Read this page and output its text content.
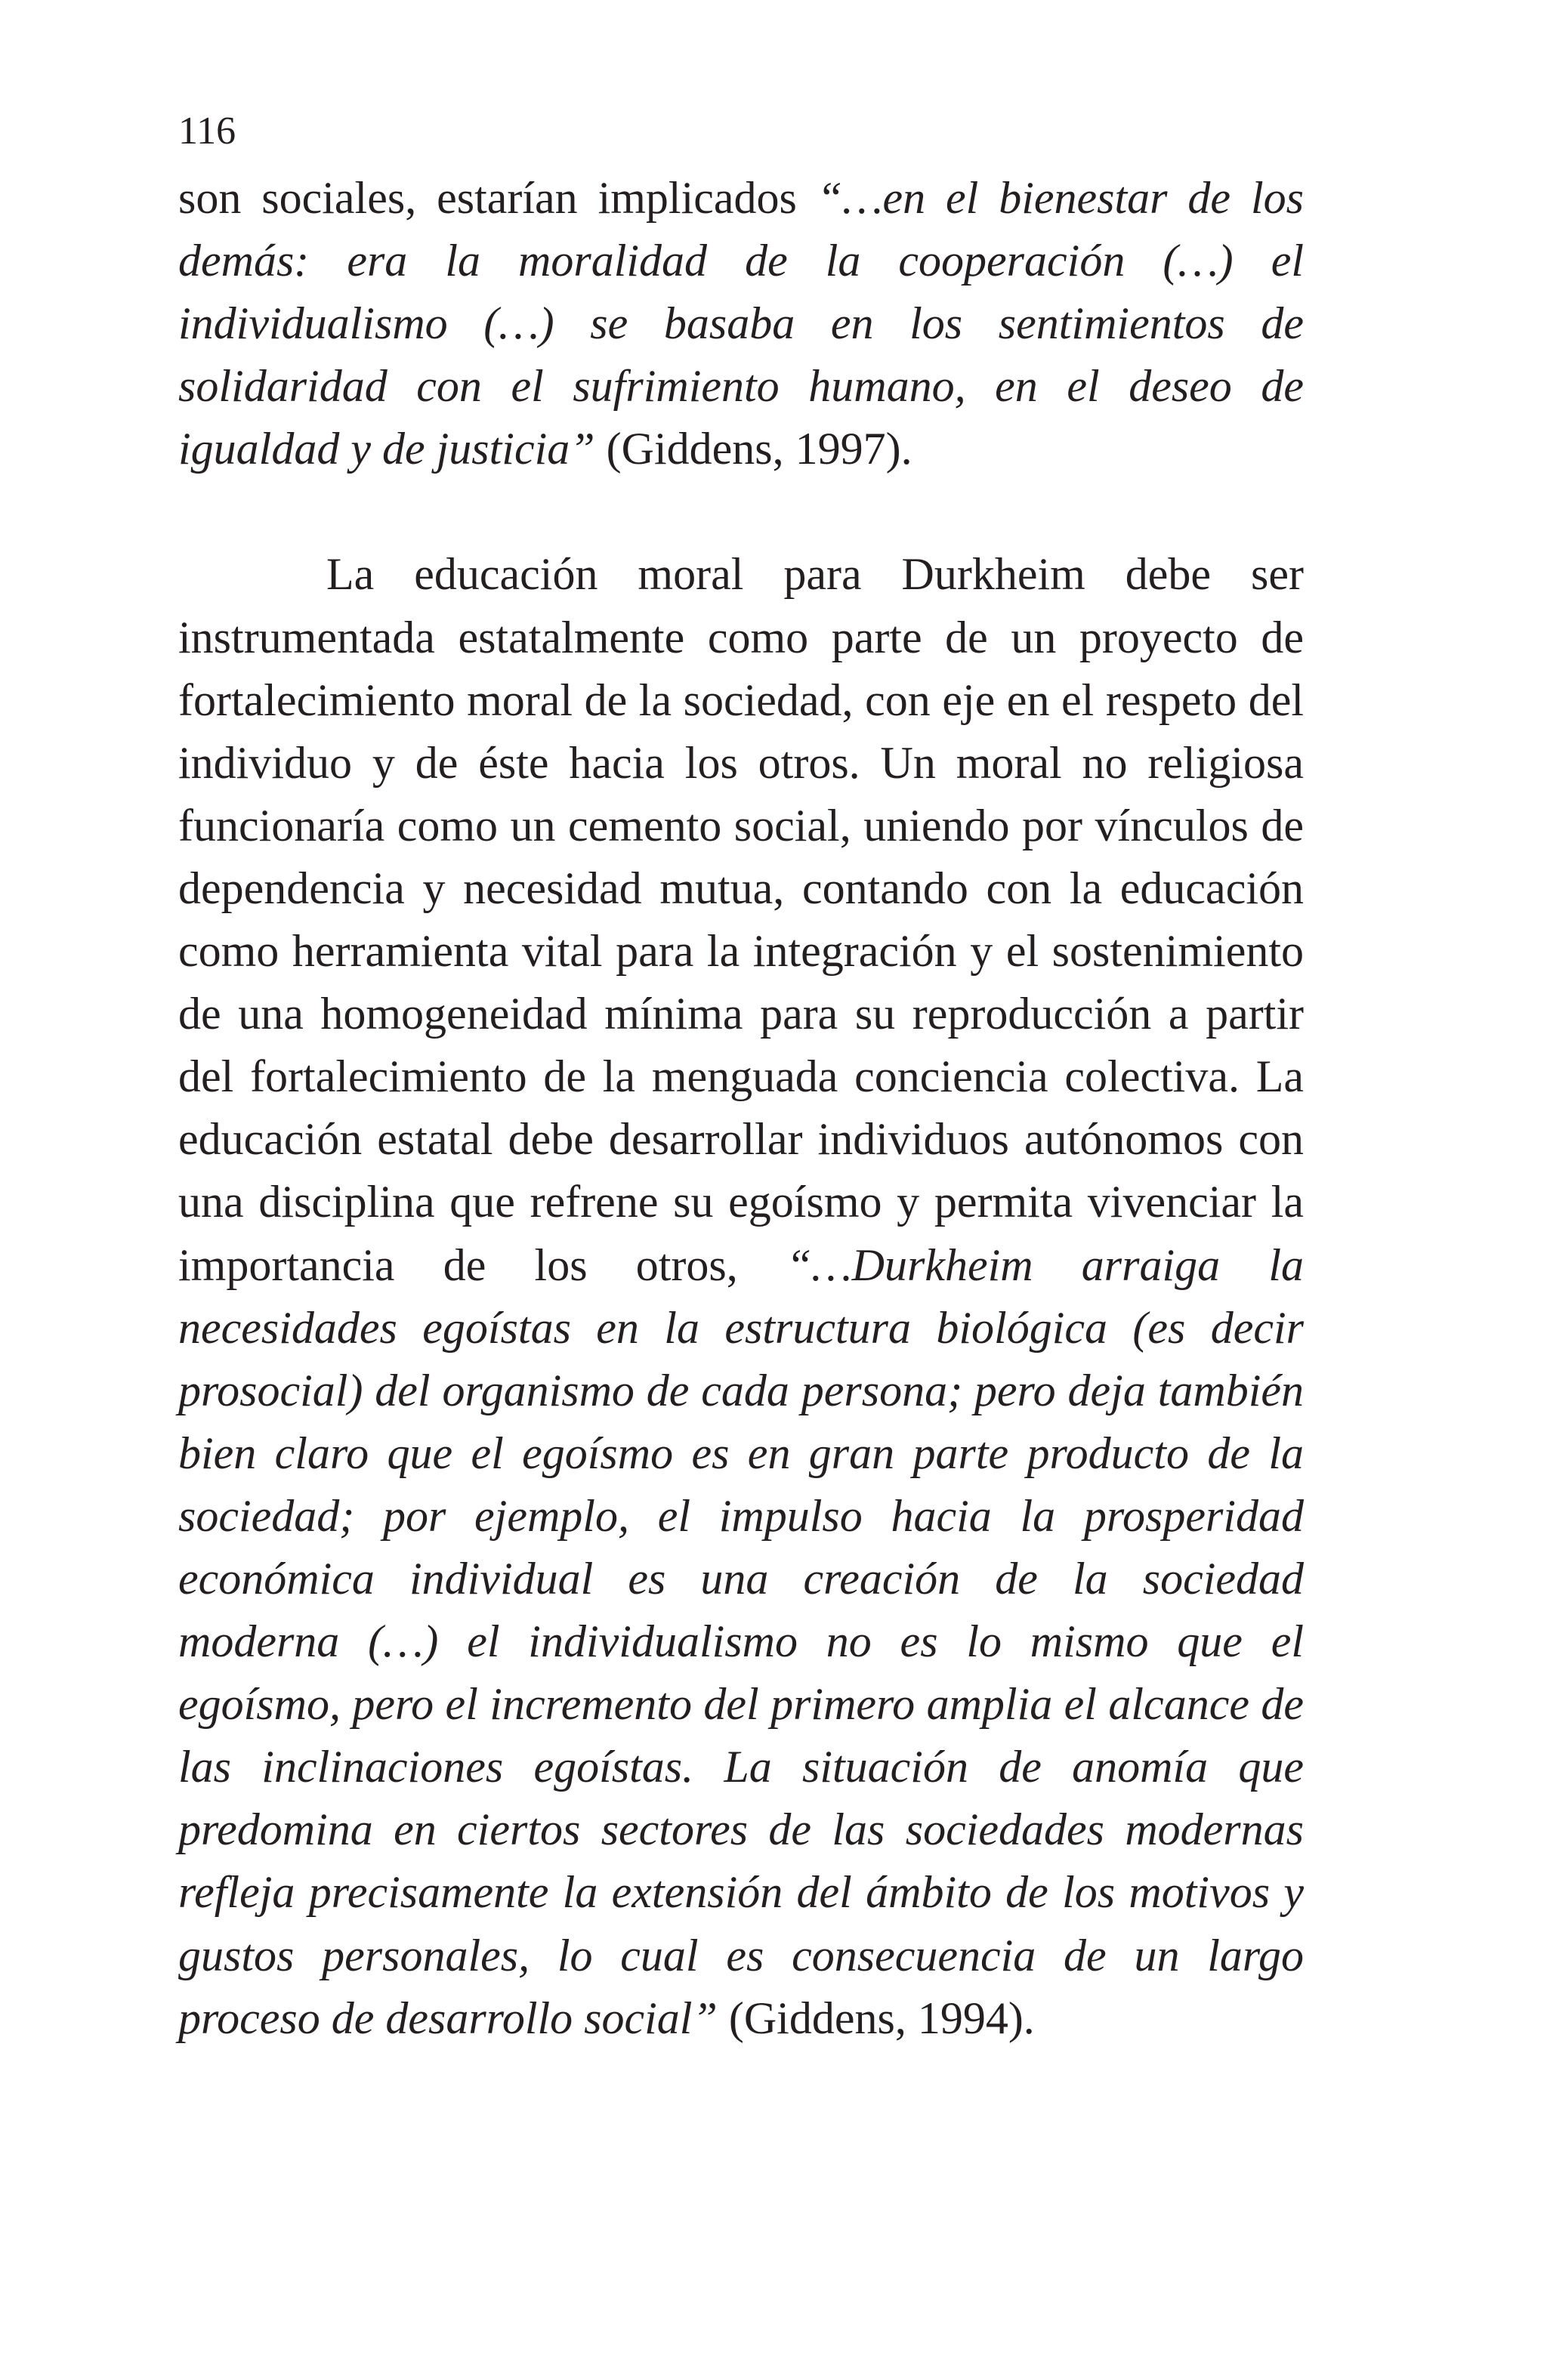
116

son sociales, estarían implicados “…en el bienestar de los demás: era la moralidad de la cooperación (…) el individualismo (…) se basaba en los sentimientos de solidaridad con el sufrimiento humano, en el deseo de igualdad y de justicia” (Giddens, 1997).

La educación moral para Durkheim debe ser instrumentada estatalmente como parte de un proyecto de fortalecimiento moral de la sociedad, con eje en el respeto del individuo y de éste hacia los otros. Un moral no religiosa funcionaría como un cemento social, uniendo por vínculos de dependencia y necesidad mutua, contando con la educación como herramienta vital para la integración y el sostenimiento de una homogeneidad mínima para su reproducción a partir del fortalecimiento de la menguada conciencia colectiva. La educación estatal debe desarrollar individuos autónomos con una disciplina que refrene su egoísmo y permita vivenciar la importancia de los otros, “…Durkheim arraiga la necesidades egoístas en la estructura biológica (es decir prosocial) del organismo de cada persona; pero deja también bien claro que el egoísmo es en gran parte producto de la sociedad; por ejemplo, el impulso hacia la prosperidad económica individual es una creación de la sociedad moderna (…) el individualismo no es lo mismo que el egoísmo, pero el incremento del primero amplia el alcance de las inclinaciones egoístas. La situación de anomía que predomina en ciertos sectores de las sociedades modernas refleja precisamente la extensión del ámbito de los motivos y gustos personales, lo cual es consecuencia de un largo proceso de desarrollo social” (Giddens, 1994).
